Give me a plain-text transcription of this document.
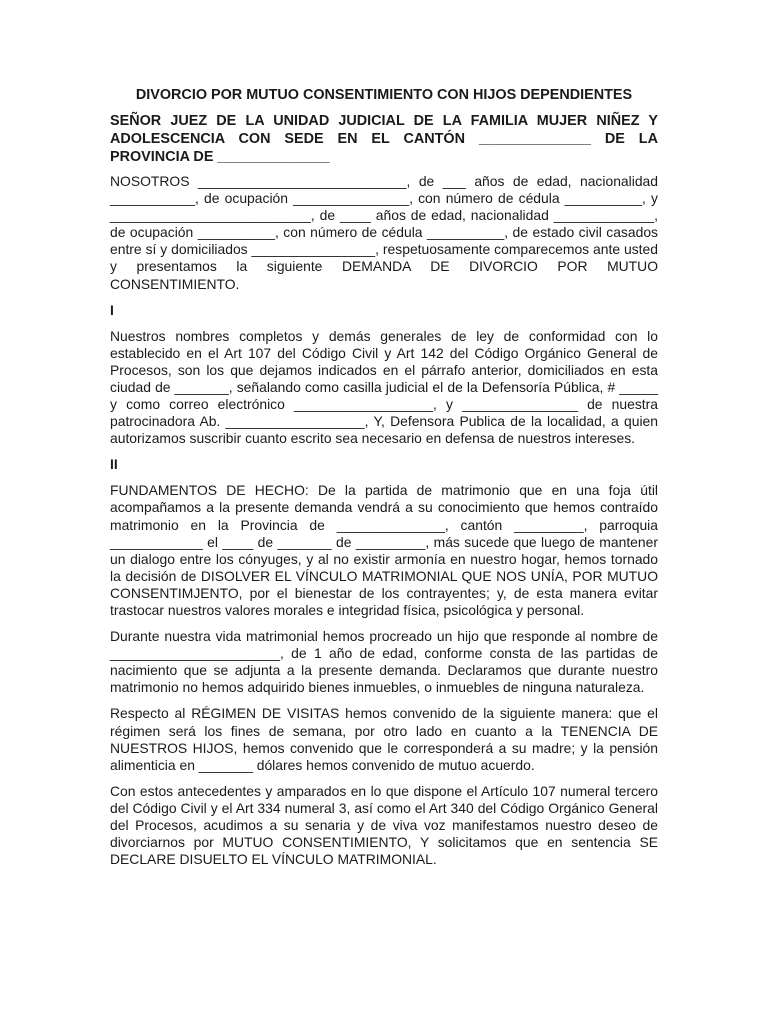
DIVORCIO POR MUTUO CONSENTIMIENTO CON HIJOS DEPENDIENTES
SEÑOR JUEZ DE LA UNIDAD JUDICIAL DE LA FAMILIA MUJER NIÑEZ Y ADOLESCENCIA CON SEDE EN EL CANTÓN ______________ DE LA PROVINCIA DE ______________

NOSOTROS ___________________________, de ___ años de edad, nacionalidad ___________, de ocupación _______________, con número de cédula __________, y __________________________, de ____ años de edad, nacionalidad _____________, de ocupación __________, con número de cédula __________, de estado civil casados entre sí y domiciliados ________________, respetuosamente comparecemos ante usted y presentamos la siguiente DEMANDA DE DIVORCIO POR MUTUO CONSENTIMIENTO.

I

Nuestros nombres completos y demás generales de ley de conformidad con lo establecido en el Art 107 del Código Civil y Art 142 del Código Orgánico General de Procesos, son los que dejamos indicados en el párrafo anterior, domiciliados en esta ciudad de _______, señalando como casilla judicial el de la Defensoría Pública, # _____ y como correo electrónico __________________, y _______________ de nuestra patrocinadora Ab. __________________, Y, Defensora Publica de la localidad, a quien autorizamos suscribir cuanto escrito sea necesario en defensa de nuestros intereses.

II

FUNDAMENTOS DE HECHO: De la partida de matrimonio que en una foja útil acompañamos a la presente demanda vendrá a su conocimiento que hemos contraído matrimonio en la Provincia de ______________, cantón _________, parroquia ____________ el ____ de _______ de _________, más sucede que luego de mantener un dialogo entre los cónyuges, y al no existir armonía en nuestro hogar, hemos tornado la decisión de DISOLVER EL VÍNCULO MATRIMONIAL QUE NOS UNÍA, POR MUTUO CONSENTIMJENTO, por el bienestar de los contrayentes; y, de esta manera evitar trastocar nuestros valores morales e integridad física, psicológica y personal.

Durante nuestra vida matrimonial hemos procreado un hijo que responde al nombre de ______________________, de 1 año de edad, conforme consta de las partidas de nacimiento que se adjunta a la presente demanda. Declaramos que durante nuestro matrimonio no hemos adquirido bienes inmuebles, o inmuebles de ninguna naturaleza.

Respecto al RÉGIMEN DE VISITAS hemos convenido de la siguiente manera: que el régimen será los fines de semana, por otro lado en cuanto a la TENENCIA DE NUESTROS HIJOS, hemos convenido que le corresponderá a su madre; y la pensión alimenticia en _______ dólares hemos convenido de mutuo acuerdo.

Con estos antecedentes y amparados en lo que dispone el Artículo 107 numeral tercero del Código Civil y el Art 334 numeral 3, así como el Art 340 del Código Orgánico General del Procesos, acudimos a su senaria y de viva voz manifestamos nuestro deseo de divorciarnos por MUTUO CONSENTIMIENTO, Y solicitamos que en sentencia SE DECLARE DISUELTO EL VÍNCULO MATRIMONIAL.
